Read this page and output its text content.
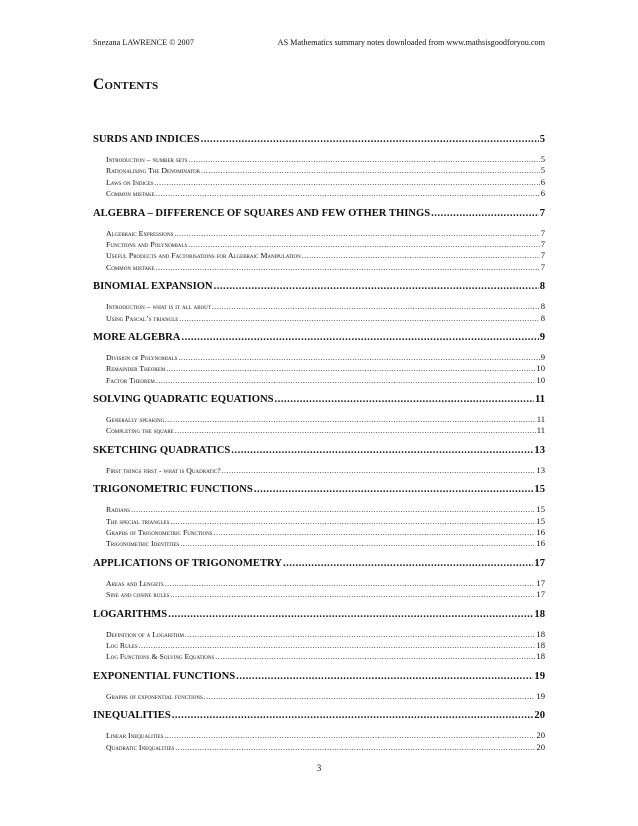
Snezana LAWRENCE © 2007	AS Mathematics summary notes downloaded from www.mathsisgoodforyou.com
Contents
SURDS AND INDICES .....	5
Introduction – number sets .....	5
Rationalising The Denominator .....	5
Laws on Indices .....	6
Common mistake .....	6
ALGEBRA – DIFFERENCE OF SQUARES AND FEW OTHER THINGS .....	7
Algebraic Expressions .....	7
Functions and Polynomials .....	7
Useful Products and Factorisations for Algebraic Manipulation .....	7
Common mistake .....	7
BINOMIAL EXPANSION .....	8
Introduction – what is it all about .....	8
Using Pascal’s triangle .....	8
MORE ALGEBRA .....	9
Division of Polynomials .....	9
Remainder Theorem .....	10
Factor Theorem .....	10
SOLVING QUADRATIC EQUATIONS .....	11
Generally speaking… .....	11
Completing the square .....	11
SKETCHING QUADRATICS .....	13
First things first - what is Quadratic? .....	13
TRIGONOMETRIC FUNCTIONS .....	15
Radians .....	15
The special triangles .....	15
Graphs of Trigonometric Functions .....	16
Trigonometric Identities .....	16
APPLICATIONS OF TRIGONOMETRY .....	17
Areas and Lenghts .....	17
Sine and cosine rules .....	17
LOGARITHMS .....	18
Definition of a Logarithm .....	18
Log Rules .....	18
Log Functions & Solving Equations .....	18
EXPONENTIAL FUNCTIONS .....	19
Graphs of exponential functions .....	19
INEQUALITIES .....	20
Linear Inequalities .....	20
Quadratic Inequalities .....	20
3
